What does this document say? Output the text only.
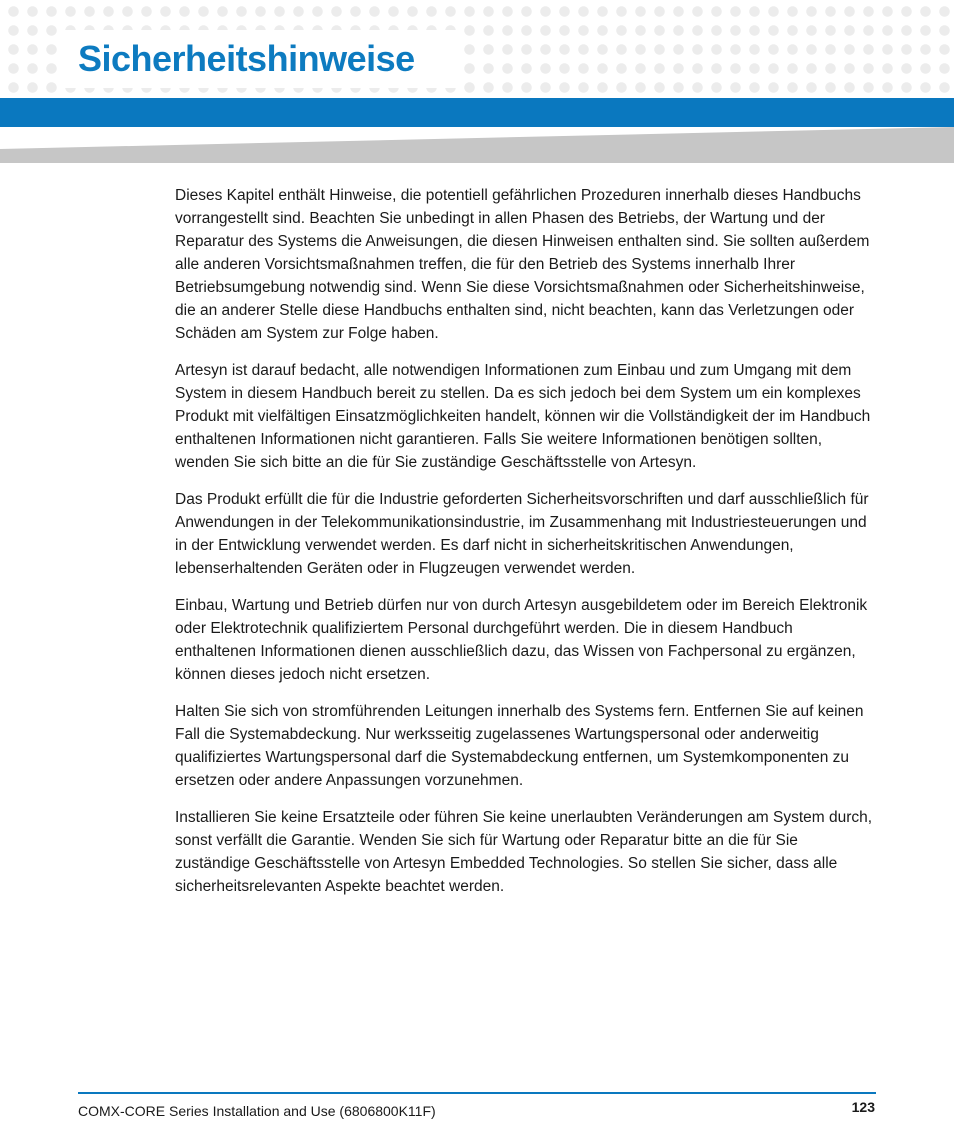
Sicherheitshinweise

Dieses Kapitel enthält Hinweise, die potentiell gefährlichen Prozeduren innerhalb dieses Handbuchs vorrangestellt sind. Beachten Sie unbedingt in allen Phasen des Betriebs, der Wartung und der Reparatur des Systems die Anweisungen, die diesen Hinweisen enthalten sind. Sie sollten außerdem alle anderen Vorsichtsmaßnahmen treffen, die für den Betrieb des Systems innerhalb Ihrer Betriebsumgebung notwendig sind. Wenn Sie diese Vorsichtsmaßnahmen oder Sicherheitshinweise, die an anderer Stelle diese Handbuchs enthalten sind, nicht beachten, kann das Verletzungen oder Schäden am System zur Folge haben.

Artesyn ist darauf bedacht, alle notwendigen Informationen zum Einbau und zum Umgang mit dem System in diesem Handbuch bereit zu stellen. Da es sich jedoch bei dem System um ein komplexes Produkt mit vielfältigen Einsatzmöglichkeiten handelt, können wir die Vollständigkeit der im Handbuch enthaltenen Informationen nicht garantieren. Falls Sie weitere Informationen benötigen sollten, wenden Sie sich bitte an die für Sie zuständige Geschäftsstelle von Artesyn.

Das Produkt erfüllt die für die Industrie geforderten Sicherheitsvorschriften und darf ausschließlich für Anwendungen in der Telekommunikationsindustrie, im Zusammenhang mit Industriesteuerungen und in der Entwicklung verwendet werden. Es darf nicht in sicherheitskritischen Anwendungen, lebenserhaltenden Geräten oder in Flugzeugen verwendet werden.

Einbau, Wartung und Betrieb dürfen nur von durch Artesyn ausgebildetem oder im Bereich Elektronik oder Elektrotechnik qualifiziertem Personal durchgeführt werden. Die in diesem Handbuch enthaltenen Informationen dienen ausschließlich dazu, das Wissen von Fachpersonal zu ergänzen, können dieses jedoch nicht ersetzen.

Halten Sie sich von stromführenden Leitungen innerhalb des Systems fern. Entfernen Sie auf keinen Fall die Systemabdeckung. Nur werksseitig zugelassenes Wartungspersonal oder anderweitig qualifiziertes Wartungspersonal darf die Systemabdeckung entfernen, um Systemkomponenten zu ersetzen oder andere Anpassungen vorzunehmen.

Installieren Sie keine Ersatzteile oder führen Sie keine unerlaubten Veränderungen am System durch, sonst verfällt die Garantie. Wenden Sie sich für Wartung oder Reparatur bitte an die für Sie zuständige Geschäftsstelle von Artesyn Embedded Technologies. So stellen Sie sicher, dass alle sicherheitsrelevanten Aspekte beachtet werden.

COMX-CORE Series Installation and Use (6806800K11F)	123
